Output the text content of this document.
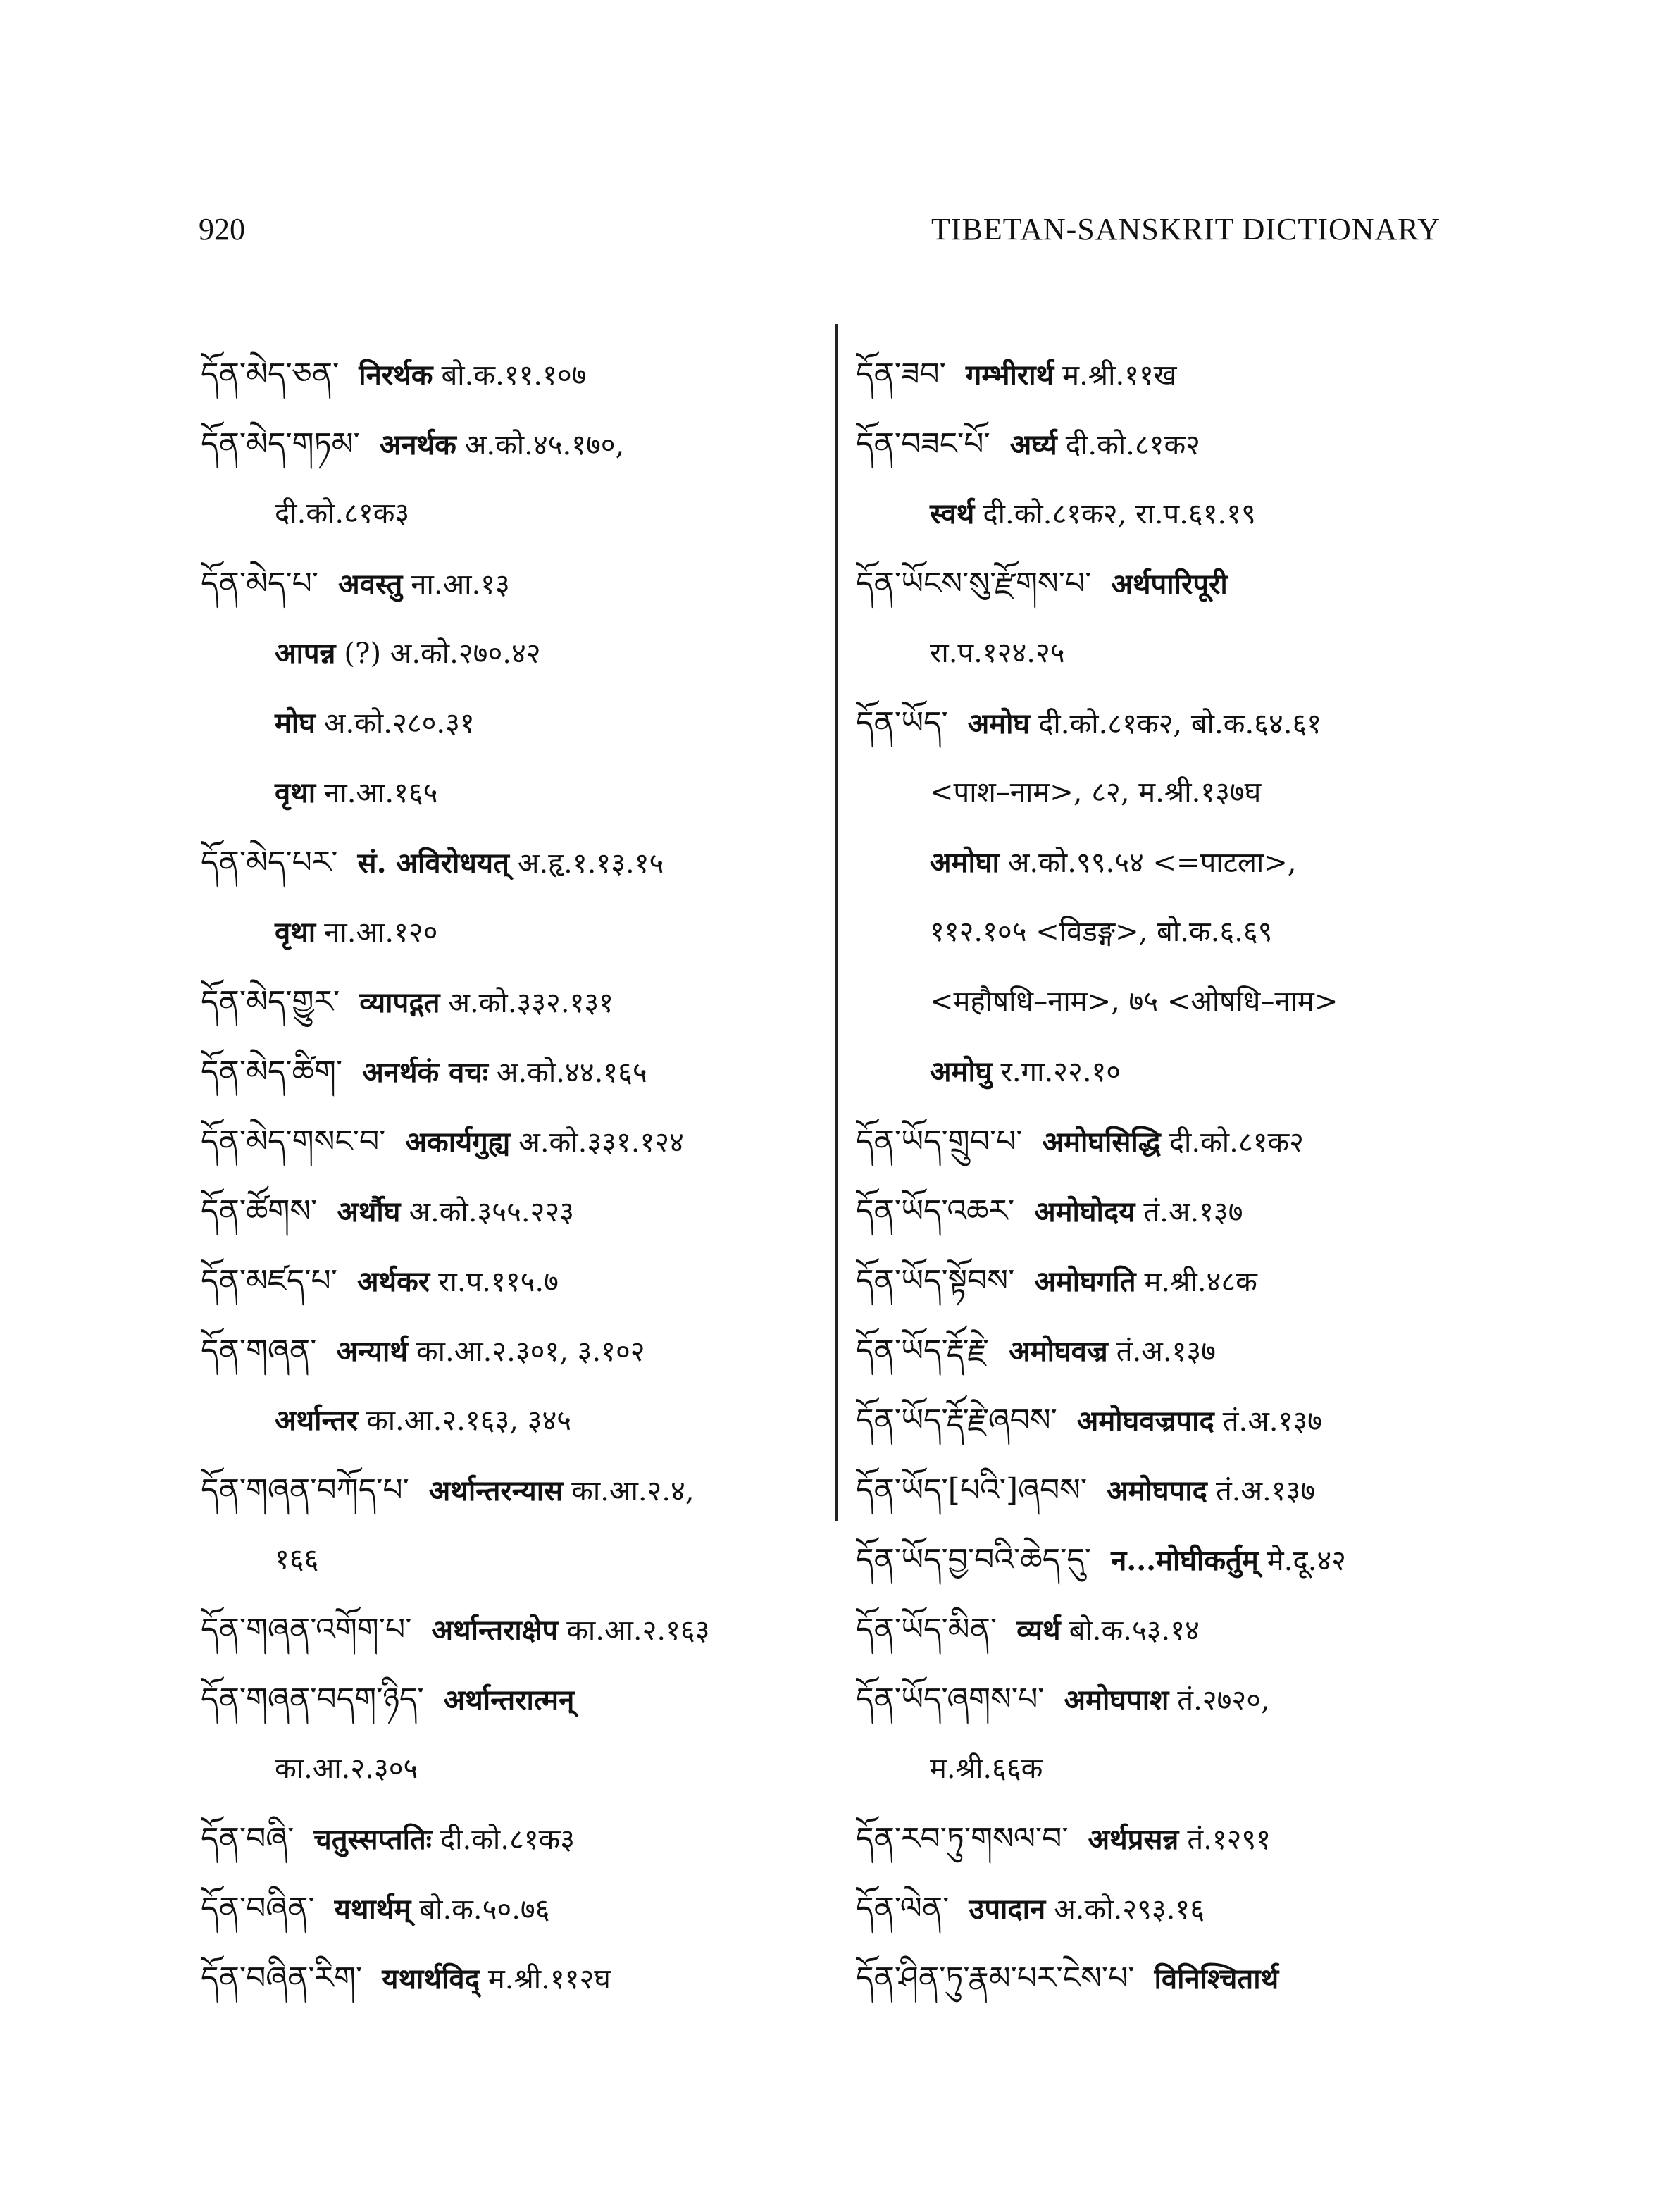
920	TIBETAN-SANSKRIT DICTIONARY
དོན་མེད་ཅན་ निरर्थक बो.क.११.१०७
དོན་མེད་གཏམ་ अनर्थक अ.को.४५.१७०,
दी.को.८१क३
དོན་མེད་པ་ अवस्तु ना.आ.१३
आपन्न (?) अ.को.२७०.४२
मोघ अ.को.२८०.३१
वृथा ना.आ.१६५
དོན་མེད་པར་ सं. अविरोधयत् अ.हृ.१.१३.१५
वृथा ना.आ.१२०
དོན་མེད་གྱུར་ व्यापद्गत अ.को.३३२.१३१
དོན་མེད་ཚིག་ अनर्थकं वचः अ.को.४४.१६५
དོན་མེད་གསང་བ་ अकार्यगुह्य अ.को.३३१.१२४
དོན་ཚོགས་ अर्थौघ अ.को.३५५.२२३
དོན་མཛད་པ་ अर्थकर रा.प.११५.७
དོན་གཞན་ अन्यार्थ का.आ.२.३०१, ३.१०२
अर्थान्तर का.आ.२.१६३, ३४५
དོན་གཞན་བཀོད་པ་ अर्थान्तरन्यास का.आ.२.४,
१६६
དོན་གཞན་འགོག་པ་ अर्थान्तराक्षेप का.आ.२.१६३
དོན་གཞན་བདག་ཉིད་ अर्थान्तरात्मन्
का.आ.२.३०५
དོན་བཞི་ चतुस्सप्ततिः दी.को.८१क३
དོན་བཞིན་ यथार्थम् बो.क.५०.७६
དོན་བཞིན་རིག་ यथार्थविद् म.श्री.११२घ
དོན་ཟབ་ गम्भीरार्थ म.श्री.११ख
དོན་བཟང་པོ་ अर्घ्य दी.को.८१क२
स्वर्थ दी.को.८१क२, रा.प.६१.१९
དོན་ཡོངས་སུ་རྫོགས་པ་ अर्थपारिपूरी
रा.प.१२४.२५
དོན་ཡོད་ अमोघ दी.को.८१क२, बो.क.६४.६१
<पाश–नाम>, ८२, म.श्री.१३७घ
अमोघा अ.को.९९.५४ <=पाटला>,
११२.१०५ <विडङ्ग>, बो.क.६.६९
<महौषधि–नाम>, ७५ <ओषधि–नाम>
अमोघु र.गा.२२.१०
དོན་ཡོད་གྲུབ་པ་ अमोघसिद्धि दी.को.८१क२
དོན་ཡོད་འཆར་ अमोघोदय तं.अ.१३७
དོན་ཡོད་སྟོབས་ अमोघगति म.श्री.४८क
དོན་ཡོད་རྡོ་རྗེ་ अमोघवज्र तं.अ.१३७
དོན་ཡོད་རྡོ་རྗེ་ཞབས་ अमोघवज्रपाद तं.अ.१३७
དོན་ཡོད་[པའི་]ཞབས་ अमोघपाद तं.अ.१३७
དོན་ཡོད་བྱ་བའི་ཆེད་དུ་ न...मोघीकर्तुम् मे.दू.४२
དོན་ཡོད་མིན་ व्यर्थ बो.क.५३.१४
དོན་ཡོད་ཞགས་པ་ अमोघपाश तं.२७२०,
म.श्री.६६क
དོན་རབ་ཏུ་གསལ་བ་ अर्थप्रसन्न तं.१२९१
དོན་ལེན་ उपादान अ.को.२९३.१६
དོན་ཤིན་ཏུ་རྣམ་པར་ངེས་པ་ विनिश्चितार्थ
